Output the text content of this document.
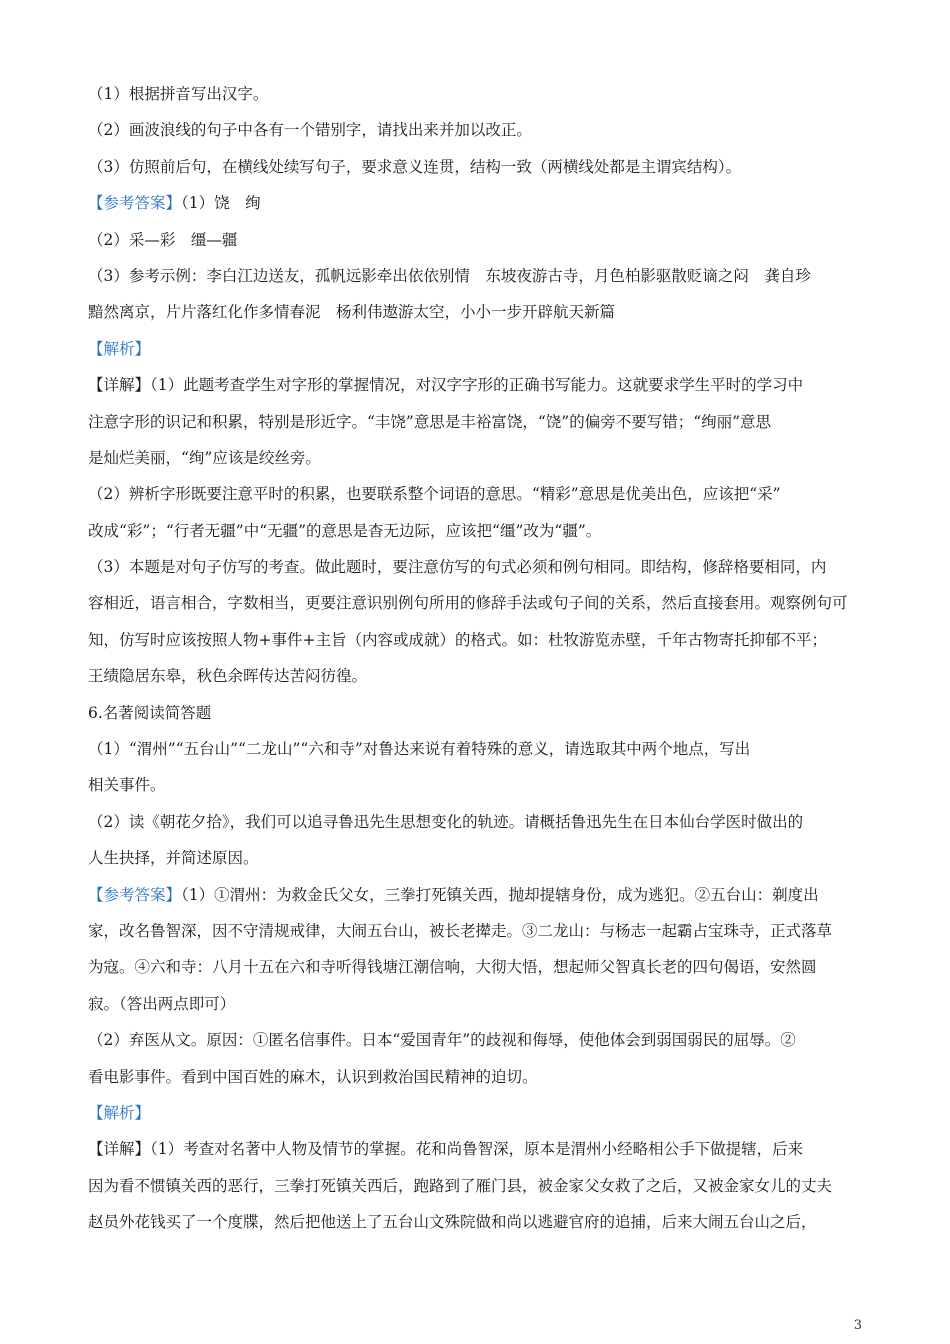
（1）根据拼音写出汉字。
（2）画波浪线的句子中各有一个错别字，请找出来并加以改正。
（3）仿照前后句，在横线处续写句子，要求意义连贯，结构一致（两横线处都是主谓宾结构）。
【参考答案】（1）饶　绚
（2）采—彩　缰—疆
（3）参考示例：李白江边送友，孤帆远影牵出依依别情　东坡夜游古寺，月色柏影驱散贬谪之闷　龚自珍
黯然离京，片片落红化作多情春泥　杨利伟遨游太空，小小一步开辟航天新篇
【解析】
【详解】（1）此题考查学生对字形的掌握情况，对汉字字形的正确书写能力。这就要求学生平时的学习中
注意字形的识记和积累，特别是形近字。“丰饶”意思是丰裕富饶，“饶”的偏旁不要写错；“绚丽”意思
是灿烂美丽，“绚”应该是绞丝旁。
（2）辨析字形既要注意平时的积累，也要联系整个词语的意思。“精彩”意思是优美出色，应该把“采”
改成“彩”；“行者无疆”中“无疆”的意思是杳无边际，应该把“缰”改为“疆”。
（3）本题是对句子仿写的考查。做此题时，要注意仿写的句式必须和例句相同。即结构，修辞格要相同，内
容相近，语言相合，字数相当，更要注意识别例句所用的修辞手法或句子间的关系，然后直接套用。观察例句可
知，仿写时应该按照人物+事件+主旨（内容或成就）的格式。如：杜牧游览赤壁，千年古物寄托抑郁不平；
王绩隐居东皋，秋色余晖传达苦闷彷徨。
6.名著阅读简答题
（1）“渭州”“五台山”“二龙山”“六和寺”对鲁达来说有着特殊的意义，请选取其中两个地点，写出
相关事件。
（2）读《朝花夕拾》，我们可以追寻鲁迅先生思想变化的轨迹。请概括鲁迅先生在日本仙台学医时做出的
人生抉择，并简述原因。
【参考答案】（1）①渭州：为救金氏父女，三拳打死镇关西，抛却提辖身份，成为逃犯。②五台山：剃度出
家，改名鲁智深，因不守清规戒律，大闹五台山，被长老撵走。③二龙山：与杨志一起霸占宝珠寺，正式落草
为寇。④六和寺：八月十五在六和寺听得钱塘江潮信响，大彻大悟，想起师父智真长老的四句偈语，安然圆
寂。（答出两点即可）
（2）弃医从文。原因：①匿名信事件。日本“爱国青年”的歧视和侮辱，使他体会到弱国弱民的屈辱。②
看电影事件。看到中国百姓的麻木，认识到救治国民精神的迫切。
【解析】
【详解】（1）考查对名著中人物及情节的掌握。花和尚鲁智深，原本是渭州小经略相公手下做提辖，后来
因为看不惯镇关西的恶行，三拳打死镇关西后，跑路到了雁门县，被金家父女救了之后，又被金家女儿的丈夫
赵员外花钱买了一个度牒，然后把他送上了五台山文殊院做和尚以逃避官府的追捕，后来大闹五台山之后，
3
